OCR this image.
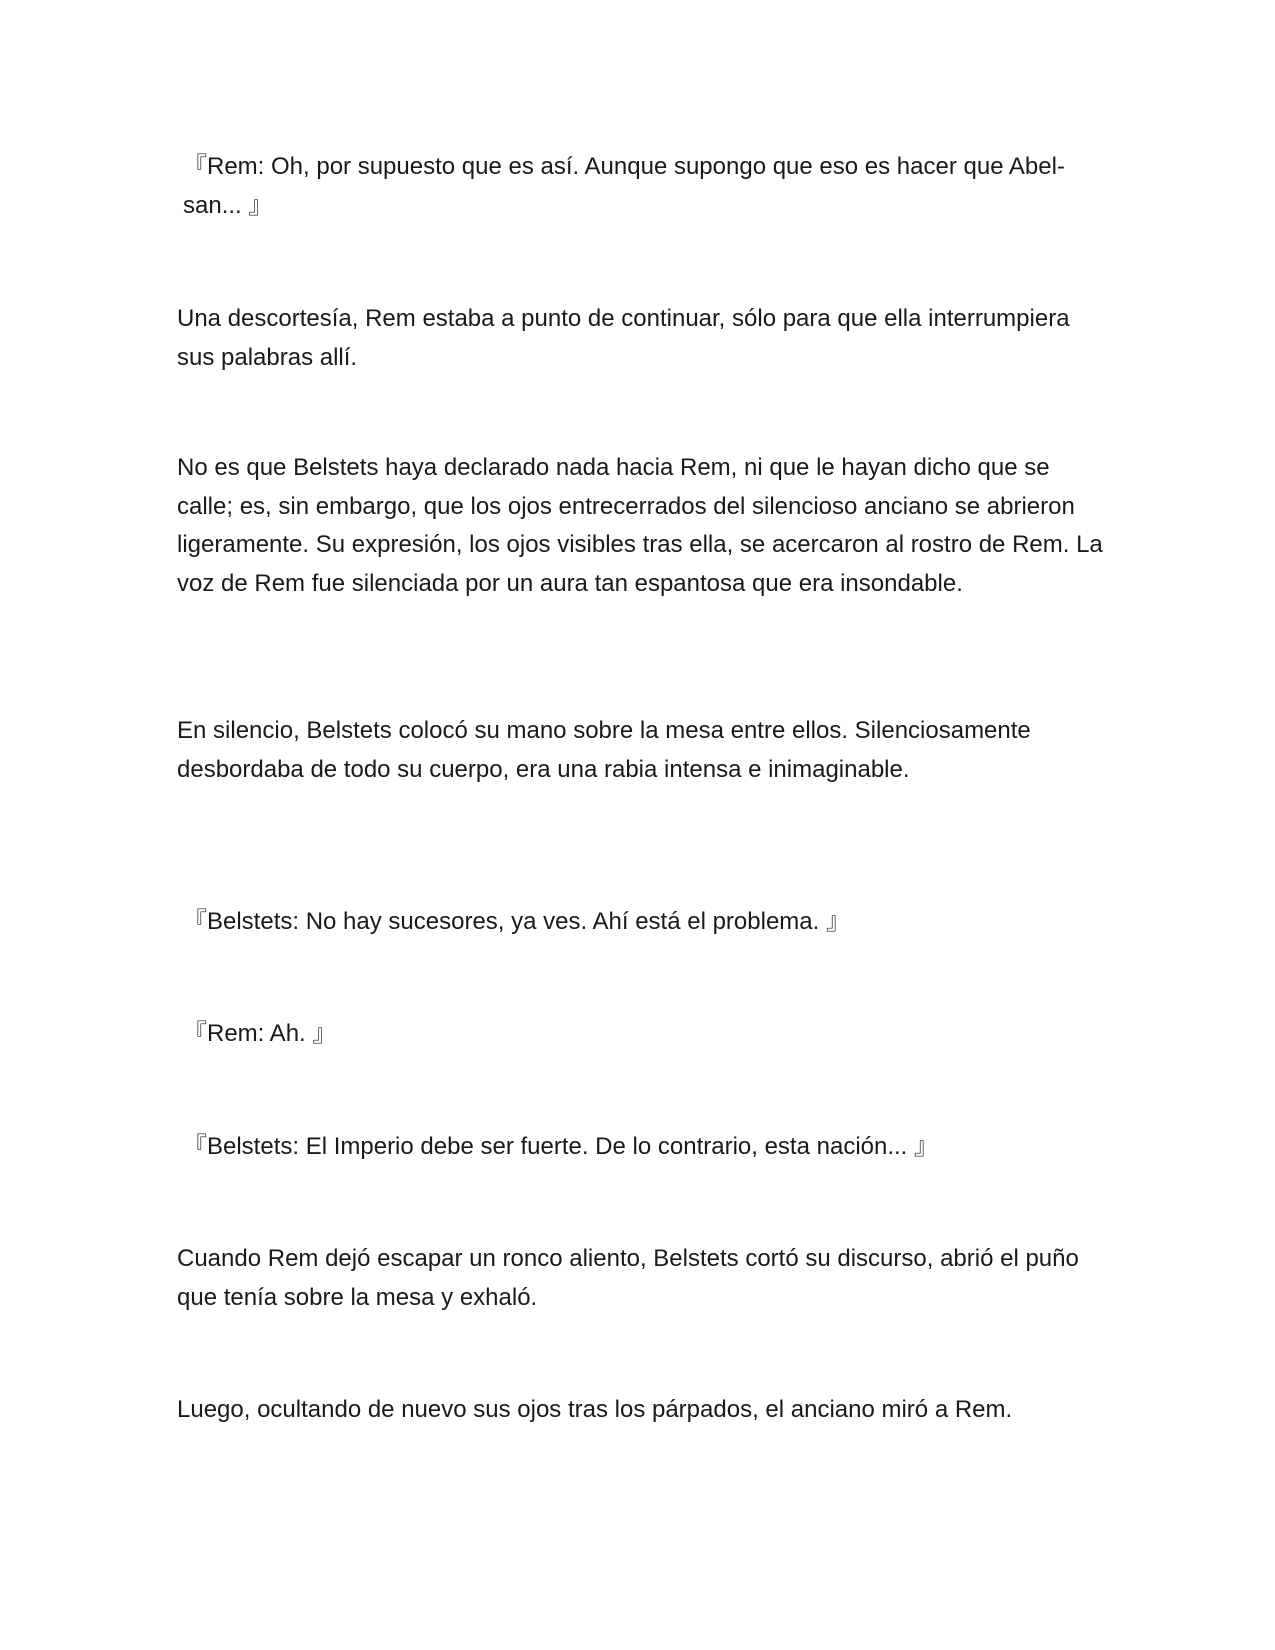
『Rem: Oh, por supuesto que es así. Aunque supongo que eso es hacer que Abel-san... 』

Una descortesía, Rem estaba a punto de continuar, sólo para que ella interrumpiera sus palabras allí.

No es que Belstets haya declarado nada hacia Rem, ni que le hayan dicho que se calle; es, sin embargo, que los ojos entrecerrados del silencioso anciano se abrieron ligeramente. Su expresión, los ojos visibles tras ella, se acercaron al rostro de Rem. La voz de Rem fue silenciada por un aura tan espantosa que era insondable.

En silencio, Belstets colocó su mano sobre la mesa entre ellos. Silenciosamente desbordaba de todo su cuerpo, era una rabia intensa e inimaginable.

『Belstets: No hay sucesores, ya ves. Ahí está el problema. 』

『Rem: Ah. 』

『Belstets: El Imperio debe ser fuerte. De lo contrario, esta nación... 』

Cuando Rem dejó escapar un ronco aliento, Belstets cortó su discurso, abrió el puño que tenía sobre la mesa y exhaló.

Luego, ocultando de nuevo sus ojos tras los párpados, el anciano miró a Rem.
